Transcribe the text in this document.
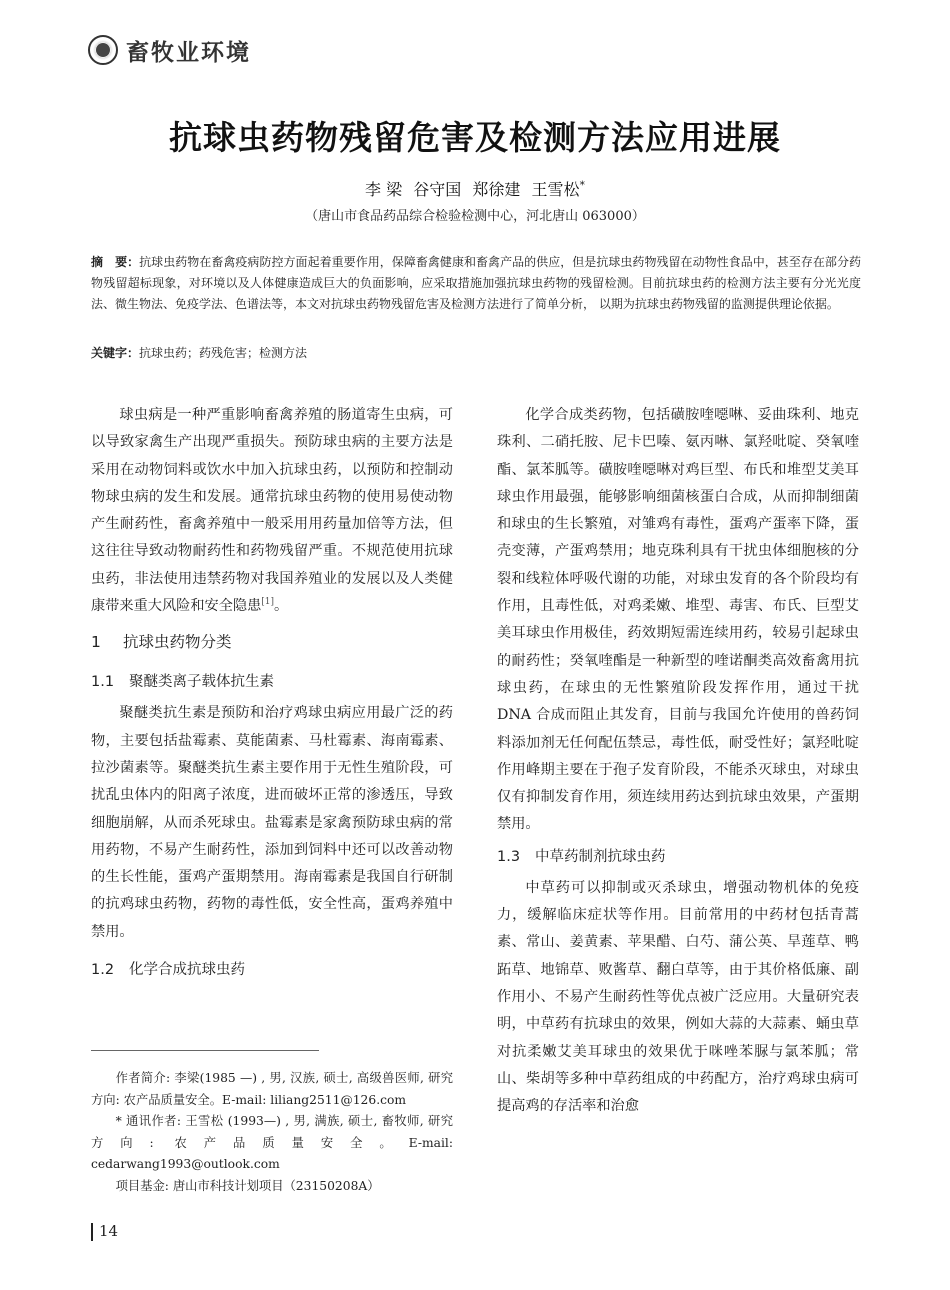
畜牧业环境
抗球虫药物残留危害及检测方法应用进展
李 梁 谷守国 郑徐建 王雪松*
（唐山市食品药品综合检验检测中心，河北唐山 063000）
摘　要：抗球虫药物在畜禽疫病防控方面起着重要作用，保障畜禽健康和畜禽产品的供应，但是抗球虫药物残留在动物性食品中，甚至存在部分药物残留超标现象，对环境以及人体健康造成巨大的负面影响，应采取措施加强抗球虫药物的残留检测。目前抗球虫药的检测方法主要有分光光度法、微生物法、免疫学法、色谱法等，本文对抗球虫药物残留危害及检测方法进行了简单分析， 以期为抗球虫药物残留的监测提供理论依据。
关键字：抗球虫药；药残危害；检测方法

球虫病是一种严重影响畜禽养殖的肠道寄生虫病，可以导致家禽生产出现严重损失。预防球虫病的主要方法是采用在动物饲料或饮水中加入抗球虫药，以预防和控制动物球虫病的发生和发展。通常抗球虫药物的使用易使动物产生耐药性，畜禽养殖中一般采用用药量加倍等方法，但这往往导致动物耐药性和药物残留严重。不规范使用抗球虫药，非法使用违禁药物对我国养殖业的发展以及人类健康带来重大风险和安全隐患[1]。

1 抗球虫药物分类
1.1 聚醚类离子载体抗生素

聚醚类抗生素是预防和治疗鸡球虫病应用最广泛的药物，主要包括盐霉素、莫能菌素、马杜霉素、海南霉素、拉沙菌素等。聚醚类抗生素主要作用于无性生殖阶段，可扰乱虫体内的阳离子浓度，进而破坏正常的渗透压，导致细胞崩解，从而杀死球虫。盐霉素是家禽预防球虫病的常用药物，不易产生耐药性，添加到饲料中还可以改善动物的生长性能，蛋鸡产蛋期禁用。海南霉素是我国自行研制的抗鸡球虫药物，药物的毒性低，安全性高，蛋鸡养殖中禁用。

1.2 化学合成抗球虫药

作者简介: 李梁(1985 —) , 男, 汉族, 硕士, 高级兽医师, 研究方向: 农产品质量安全。E-mail: liliang2511@126.com

* 通讯作者: 王雪松 (1993—) , 男, 满族, 硕士, 畜牧师, 研究方向: 农产品质量安全。E-mail: cedarwang1993@outlook.com

项目基金: 唐山市科技计划项目（23150208A）

化学合成类药物，包括磺胺喹噁啉、妥曲珠利、地克珠利、二硝托胺、尼卡巴嗪、氨丙啉、氯羟吡啶、癸氧喹酯、氯苯胍等。磺胺喹噁啉对鸡巨型、布氏和堆型艾美耳球虫作用最强，能够影响细菌核蛋白合成，从而抑制细菌和球虫的生长繁殖，对雏鸡有毒性，蛋鸡产蛋率下降，蛋壳变薄，产蛋鸡禁用；地克珠利具有干扰虫体细胞核的分裂和线粒体呼吸代谢的功能，对球虫发育的各个阶段均有作用，且毒性低，对鸡柔嫩、堆型、毒害、布氏、巨型艾美耳球虫作用极佳，药效期短需连续用药，较易引起球虫的耐药性；癸氧喹酯是一种新型的喹诺酮类高效畜禽用抗球虫药，在球虫的无性繁殖阶段发挥作用，通过干扰 DNA 合成而阻止其发育，目前与我国允许使用的兽药饲料添加剂无任何配伍禁忌，毒性低，耐受性好；氯羟吡啶作用峰期主要在于孢子发育阶段，不能杀灭球虫，对球虫仅有抑制发育作用，须连续用药达到抗球虫效果，产蛋期禁用。

1.3 中草药制剂抗球虫药

中草药可以抑制或灭杀球虫，增强动物机体的免疫力，缓解临床症状等作用。目前常用的中药材包括青蒿素、常山、姜黄素、苹果醋、白芍、蒲公英、旱莲草、鸭跖草、地锦草、败酱草、翻白草等，由于其价格低廉、副作用小、不易产生耐药性等优点被广泛应用。大量研究表明，中草药有抗球虫的效果，例如大蒜的大蒜素、蛹虫草对抗柔嫩艾美耳球虫的效果优于咪唑苯脲与氯苯胍；常山、柴胡等多种中草药组成的中药配方，治疗鸡球虫病可提高鸡的存活率和治愈

14
